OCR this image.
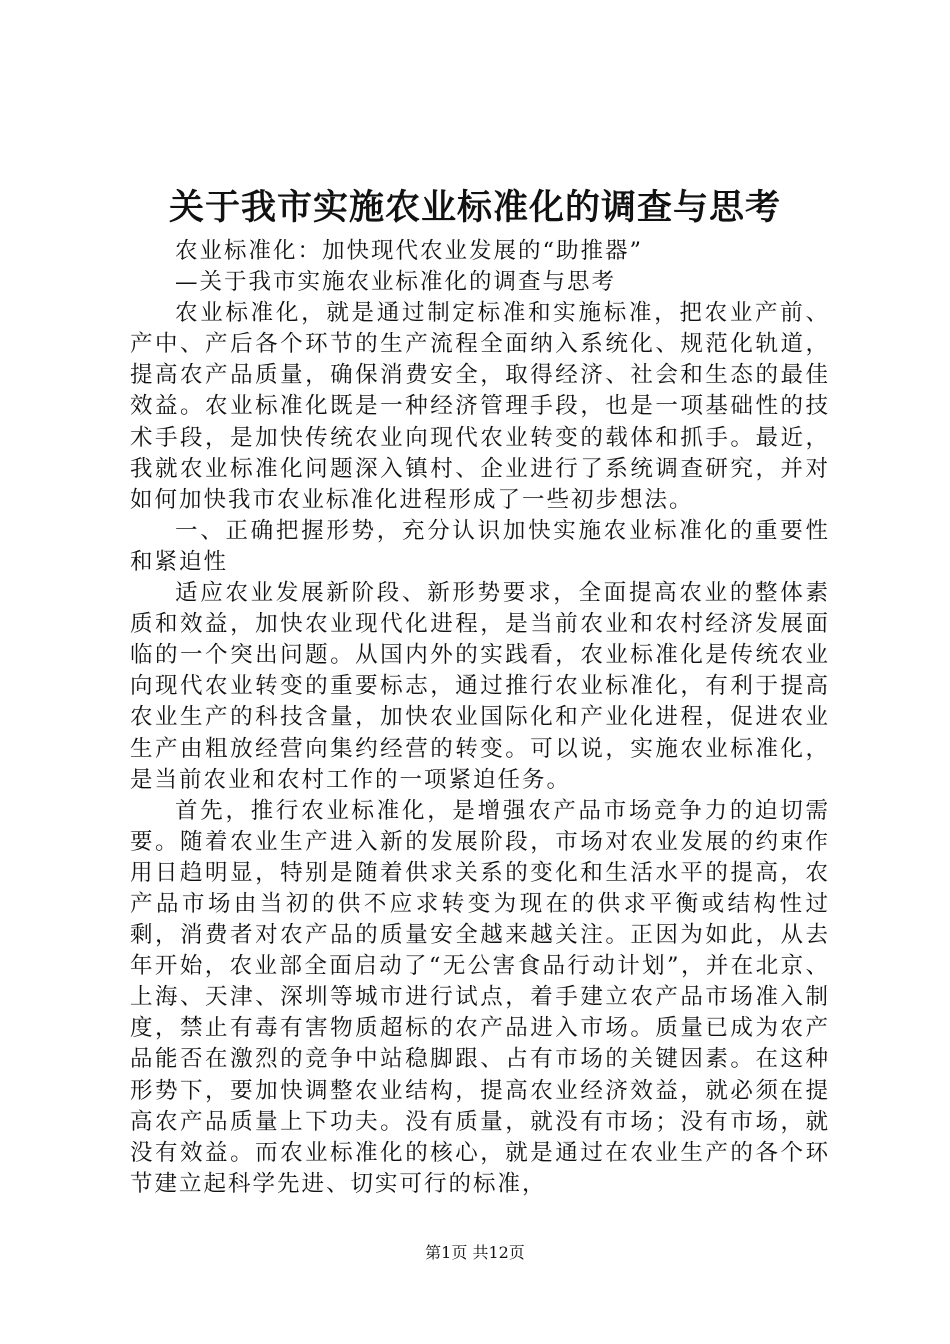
关于我市实施农业标准化的调查与思考

农业标准化：加快现代农业发展的“助推器”

—关于我市实施农业标准化的调查与思考

农业标准化，就是通过制定标准和实施标准，把农业产前、产中、产后各个环节的生产流程全面纳入系统化、规范化轨道，提高农产品质量，确保消费安全，取得经济、社会和生态的最佳效益。农业标准化既是一种经济管理手段，也是一项基础性的技术手段，是加快传统农业向现代农业转变的载体和抓手。最近，我就农业标准化问题深入镇村、企业进行了系统调查研究，并对如何加快我市农业标准化进程形成了一些初步想法。

一、正确把握形势，充分认识加快实施农业标准化的重要性和紧迫性

适应农业发展新阶段、新形势要求，全面提高农业的整体素质和效益，加快农业现代化进程，是当前农业和农村经济发展面临的一个突出问题。从国内外的实践看，农业标准化是传统农业向现代农业转变的重要标志，通过推行农业标准化，有利于提高农业生产的科技含量，加快农业国际化和产业化进程，促进农业生产由粗放经营向集约经营的转变。可以说，实施农业标准化，是当前农业和农村工作的一项紧迫任务。

首先，推行农业标准化，是增强农产品市场竞争力的迫切需要。随着农业生产进入新的发展阶段，市场对农业发展的约束作用日趋明显，特别是随着供求关系的变化和生活水平的提高，农产品市场由当初的供不应求转变为现在的供求平衡或结构性过剩，消费者对农产品的质量安全越来越关注。正因为如此，从去年开始，农业部全面启动了“无公害食品行动计划”，并在北京、上海、天津、深圳等城市进行试点，着手建立农产品市场准入制度，禁止有毒有害物质超标的农产品进入市场。质量已成为农产品能否在激烈的竞争中站稳脚跟、占有市场的关键因素。在这种形势下，要加快调整农业结构，提高农业经济效益，就必须在提高农产品质量上下功夫。没有质量，就没有市场；没有市场，就没有效益。而农业标准化的核心，就是通过在农业生产的各个环节建立起科学先进、切实可行的标准，

第1页 共12页
